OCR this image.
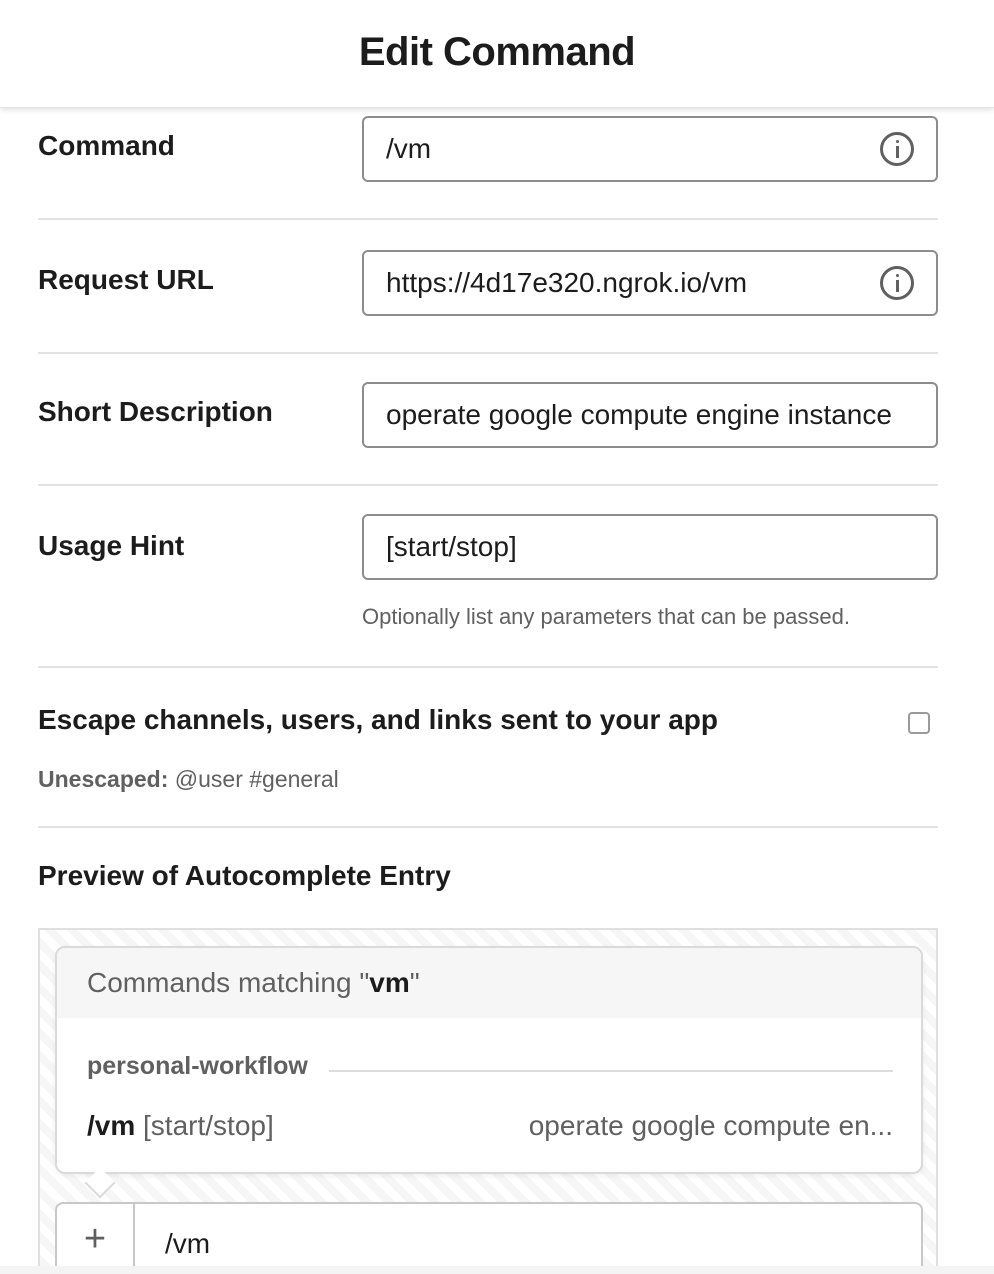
Edit Command
Command	/vm
Request URL	https://4d17e320.ngrok.io/vm
Short Description	operate google compute engine instance
Usage Hint	[start/stop]
Optionally list any parameters that can be passed.
Escape channels, users, and links sent to your app
Unescaped: @user #general
Preview of Autocomplete Entry
Commands matching " vm "
personal-workflow
/vm [start/stop]	operate google compute en...
+	/vm
